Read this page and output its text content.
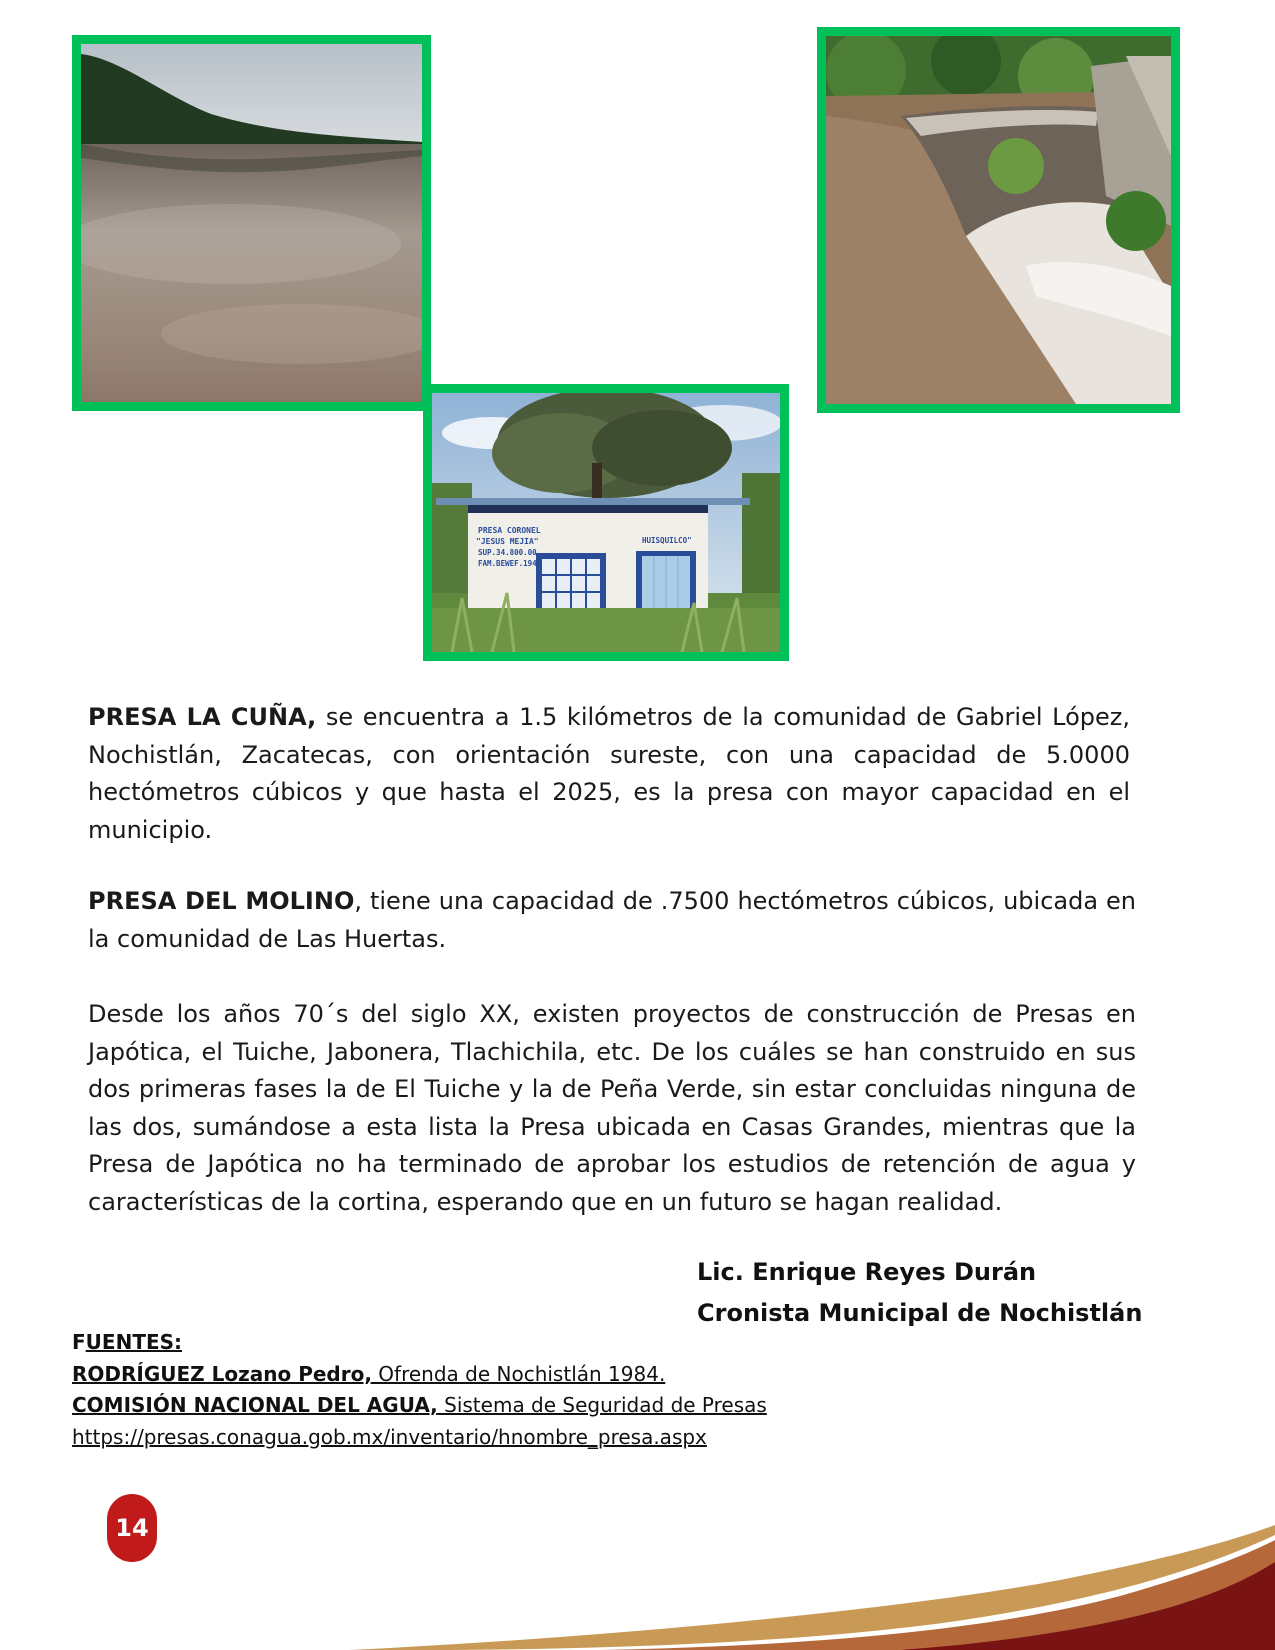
PRESA CORONEL
"JESUS MEJIA"
SUP.34.800.00
FAM.BEWEF.1943
HUISQUILCO"

PRESA LA CUÑA, se encuentra a 1.5 kilómetros de la comunidad de Gabriel López, Nochistlán, Zacatecas, con orientación sureste, con una capacidad de 5.0000 hectómetros cúbicos y que hasta el 2025, es la presa con mayor capacidad en el municipio.

PRESA DEL MOLINO, tiene una capacidad de .7500 hectómetros cúbicos, ubicada en la comunidad de Las Huertas.

Desde los años 70´s del siglo XX, existen proyectos de construcción de Presas en Japótica, el Tuiche, Jabonera, Tlachichila, etc. De los cuáles se han construido en sus dos primeras fases la de El Tuiche y la de Peña Verde, sin estar concluidas ninguna de las dos, sumándose a esta lista la Presa ubicada en Casas Grandes, mientras que la Presa de Japótica no ha terminado de aprobar los estudios de retención de agua y características de la cortina, esperando que en un futuro se hagan realidad.

Lic. Enrique Reyes Durán
Cronista Municipal de Nochistlán
FUENTES:
RODRÍGUEZ Lozano Pedro, Ofrenda de Nochistlán 1984.
COMISIÓN NACIONAL DEL AGUA, Sistema de Seguridad de Presas
https://presas.conagua.gob.mx/inventario/hnombre_presa.aspx
14
